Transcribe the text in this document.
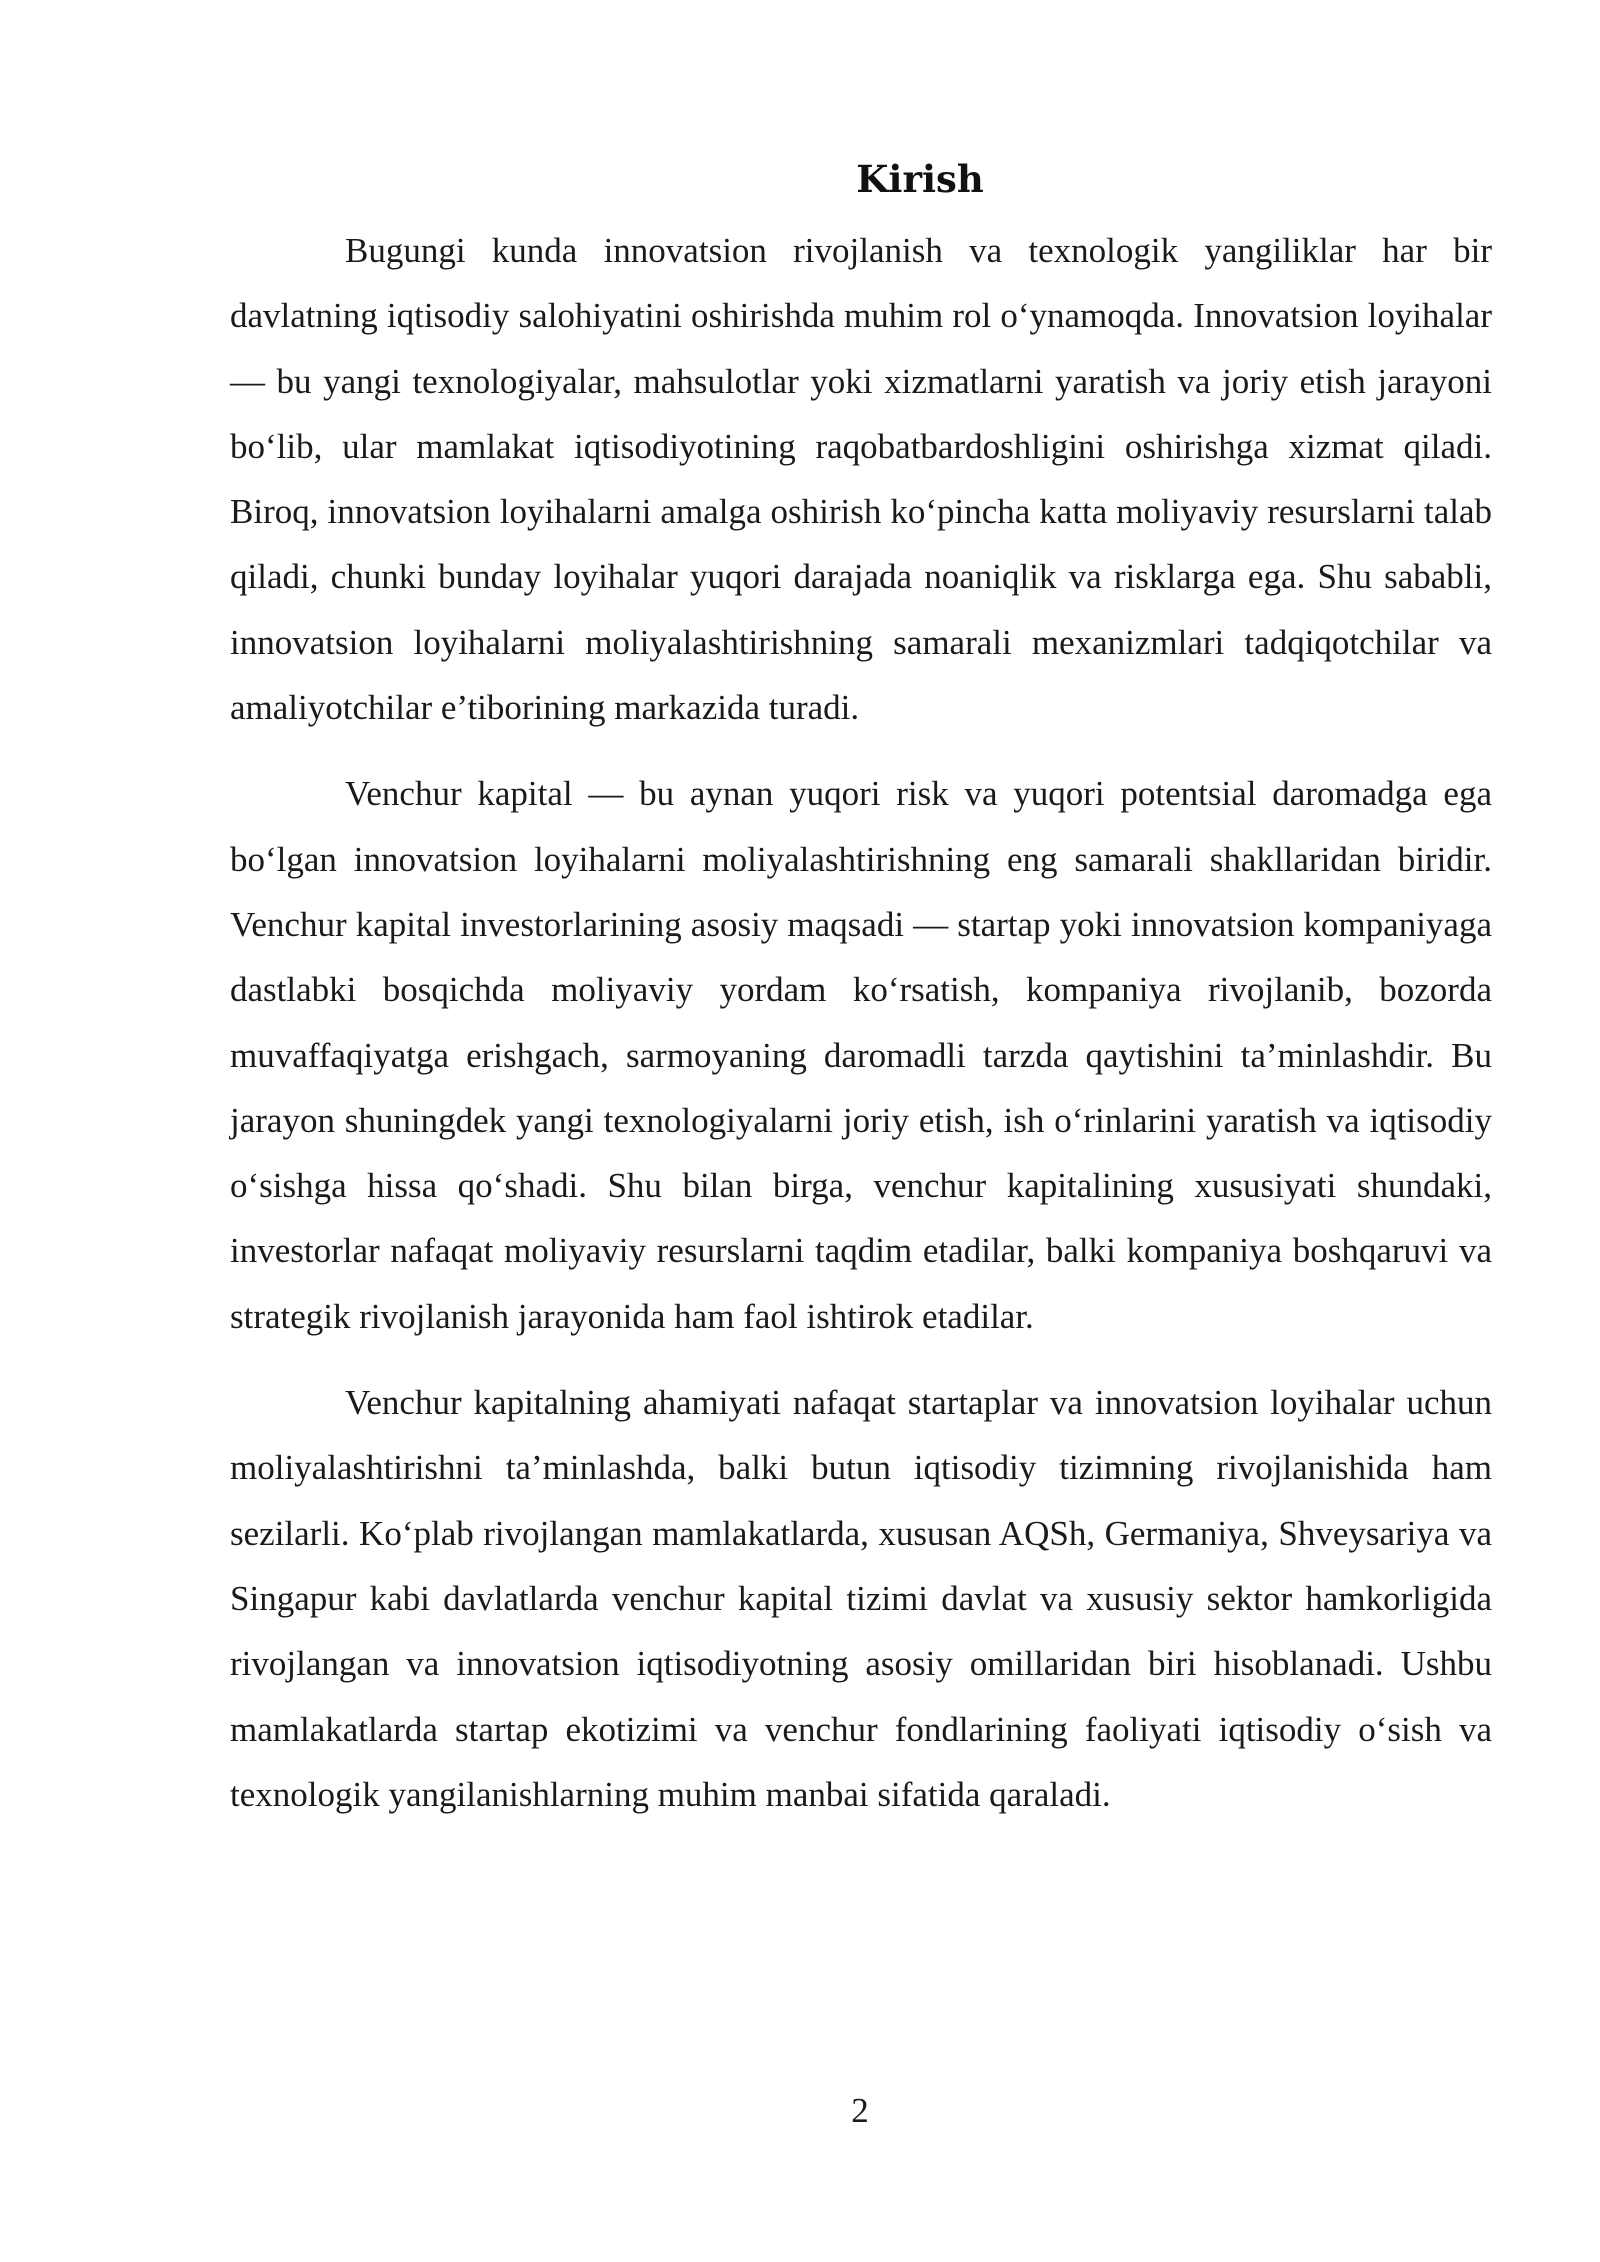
Kirish

Bugungi kunda innovatsion rivojlanish va texnologik yangiliklar har bir davlatning iqtisodiy salohiyatini oshirishda muhim rol o‘ynamoqda. Innovatsion loyihalar — bu yangi texnologiyalar, mahsulotlar yoki xizmatlarni yaratish va joriy etish jarayoni bo‘lib, ular mamlakat iqtisodiyotining raqobatbardoshligini oshirishga xizmat qiladi. Biroq, innovatsion loyihalarni amalga oshirish ko‘pincha katta moliyaviy resurslarni talab qiladi, chunki bunday loyihalar yuqori darajada noaniqlik va risklarga ega. Shu sababli, innovatsion loyihalarni moliyalashtirishning samarali mexanizmlari tadqiqotchilar va amaliyotchilar e’tiborining markazida turadi.

Venchur kapital — bu aynan yuqori risk va yuqori potentsial daromadga ega bo‘lgan innovatsion loyihalarni moliyalashtirishning eng samarali shakllaridan biridir. Venchur kapital investorlarining asosiy maqsadi — startap yoki innovatsion kompaniyaga dastlabki bosqichda moliyaviy yordam ko‘rsatish, kompaniya rivojlanib, bozorda muvaffaqiyatga erishgach, sarmoyaning daromadli tarzda qaytishini ta’minlashdir. Bu jarayon shuningdek yangi texnologiyalarni joriy etish, ish o‘rinlarini yaratish va iqtisodiy o‘sishga hissa qo‘shadi. Shu bilan birga, venchur kapitalining xususiyati shundaki, investorlar nafaqat moliyaviy resurslarni taqdim etadilar, balki kompaniya boshqaruvi va strategik rivojlanish jarayonida ham faol ishtirok etadilar.

Venchur kapitalning ahamiyati nafaqat startaplar va innovatsion loyihalar uchun moliyalashtirishni ta’minlashda, balki butun iqtisodiy tizimning rivojlanishida ham sezilarli. Ko‘plab rivojlangan mamlakatlarda, xususan AQSh, Germaniya, Shveysariya va Singapur kabi davlatlarda venchur kapital tizimi davlat va xususiy sektor hamkorligida rivojlangan va innovatsion iqtisodiyotning asosiy omillaridan biri hisoblanadi. Ushbu mamlakatlarda startap ekotizimi va venchur fondlarining faoliyati iqtisodiy o‘sish va texnologik yangilanishlarning muhim manbai sifatida qaraladi.

2
